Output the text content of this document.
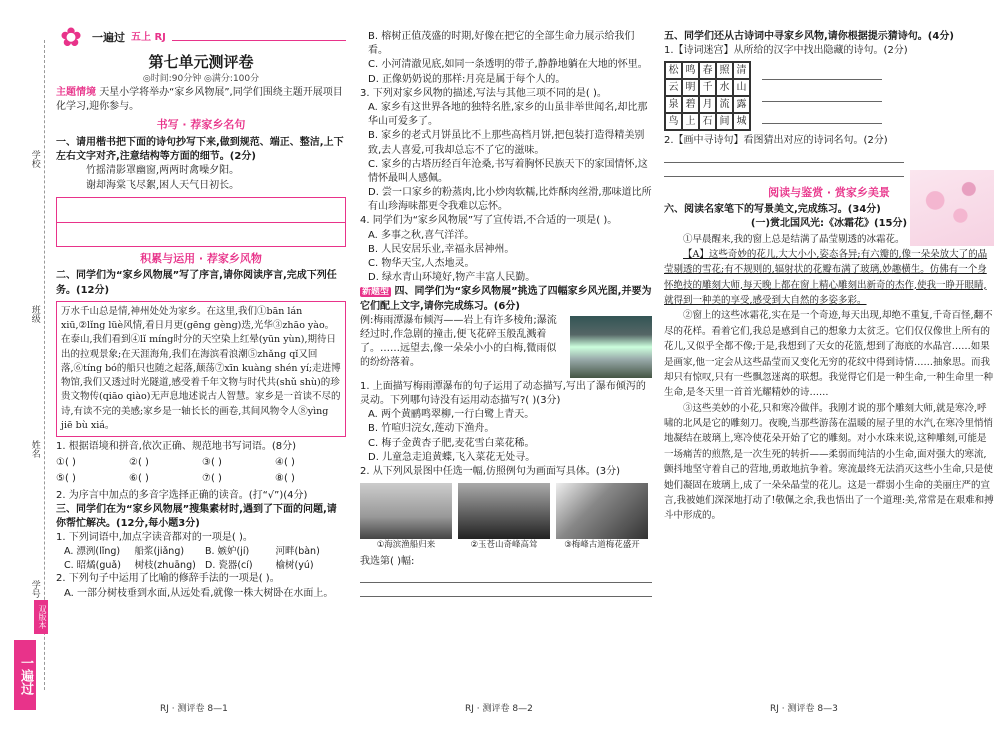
学校
班级
姓名
学号
双版本
一遍过
✿ 一遍过 五上 RJ
第七单元测评卷
◎时间:90分钟 ◎满分:100分
主题情境 天星小学将举办“家乡风物展”,同学们围绕主题开展项目化学习,迎你参与。
书写 · 荐家乡名句
一、请用楷书把下面的诗句抄写下来,做到规范、端正、整洁,上下左右文字对齐,注意结构等方面的细节。(2分)
竹摇清影罩幽窗,两两时禽噪夕阳。
谢却海棠飞尽絮,困人天气日初长。
积累与运用 · 荐家乡风物
二、同学们为“家乡风物展”写了序言,请你阅读序言,完成下列任务。(12分)
万水千山总是情,神州处处为家乡。在这里,我们①bān lán xiū,②lǐng lüè风情,看日月更(gēng gèng)迭,光华③zhāo yào。在泰山,我们看到④lǐ míng时分的天空染上红晕(yūn yùn),期待日出的拉观景象;在天涯海角,我们在海滨看浪潮⑤zhǎng qǐ又回落,⑥tíng bó的船只也随之起落,颠荡⑦xīn kuàng shén yí;走进博物馆,我们又透过时光隧道,感受着千年文物与时代共(shǔ shù)的珍贵文物传(qiāo qiào)无声息地述说古人智慧。家乡是一首读不尽的诗,有读不完的美感;家乡是一轴长长的画卷,其间风物令人⑧yìng jiē bù xiá。
1. 根据语境和拼音,依次正确、规范地书写词语。(8分)
①( )	②( )	③( )	④( )
⑤( )	⑥( )	⑦( )	⑧( )
2. 为序言中加点的多音字选择正确的读音。(打“√”)(4分)
三、同学们在为“家乡风物展”搜集素材时,遇到了下面的问题,请你帮忙解决。(12分,每小题3分)
1. 下列词语中,加点字读音都对的一项是( )。
A. 漂洌(lǐng)	船浆(jiǎng)	B. 嫉妒(jí)	河畔(bàn)
C. 昭燏(guǎ)	树枝(zhuāng) D. 瓷器(cí)	榆树(yú)
2. 下列句子中运用了比喻的修辞手法的一项是( )。
A. 一部分树枝垂到水面,从远处看,就像一株大树卧在水面上。
B. 榕树正值茂盛的时期,好像在把它的全部生命力展示给我们看。
C. 小河清澈见底,如同一条透明的带子,静静地躺在大地的怀里。
D. 正像奶奶说的那样:月亮是属于每个人的。
3. 下列对家乡风物的描述,写法与其他三项不同的是( )。
A. 家乡有这世界各地的独特名胜,家乡的山虽非举世闻名,却比那华山可爱多了。
B. 家乡的老式月饼虽比不上那些高档月饼,把包装打造得精美别致,去人喜爱,可我却总忘不了它的滋味。
C. 家乡的古塔历经百年沧桑,书写着胸怀民族天下的家国情怀,这情怀最叫人感佩。
D. 尝一口家乡的粉蒸肉,比小炒肉软糯,比炸酥肉丝滑,那味道比所有山珍海味都更令我难以忘怀。
4. 同学们为“家乡风物展”写了宣传语,不合适的一项是( )。
A. 多事之秋,喜气洋洋。
B. 人民安居乐业,幸福永居神州。
C. 物华天宝,人杰地灵。
D. 绿水青山环境好,物产丰富人民勤。
新题型 四、同学们为“家乡风物展”挑选了四幅家乡风光图,并要为它们配上文字,请你完成练习。(6分)
例:梅雨潭瀑布倾泻——岩上有许多棱角;瀑流经过时,作急剧的撞击,便飞花碎玉般乱溅着了。……远望去,像一朵朵小小的白梅,微雨似的纷纷落着。
1. 上面描写梅雨潭瀑布的句子运用了动态描写,写出了瀑布倾泻的灵动。下列哪句诗没有运用动态描写?( )(3分)
A. 两个黄鹂鸣翠柳,一行白鹭上青天。
B. 竹喧归浣女,莲动下渔舟。
C. 梅子金黄杏子肥,麦花雪白菜花稀。
D. 儿童急走追黄蝶,飞入菜花无处寻。
2. 从下列风景图中任选一幅,仿照例句为画面写具体。(3分)
①海滨渔船归来	②玉苍山奇峰高耸	③梅峰古道梅花盛开
我选第( )幅:
五、同学们还从古诗词中寻家乡风物,请你根据提示猜诗句。(4分)
1.【诗词迷宫】从所给的汉字中找出隐藏的诗句。(2分)
松 鸣 春 照 清
云 明 千 水 山
泉 碧 月 流 露
鸟 上 石 间 城

2.【画中寻诗句】看图猜出对应的诗词名句。(2分)
阅读与鉴赏 · 赏家乡美景
六、阅读名家笔下的写景美文,完成练习。(34分)
(一)赏北国风光:《冰霜花》(15分)
①早晨醒来,我的窗上总是结满了晶莹剔透的冰霜花。
【A】这些奇妙的花儿,大大小小,姿态各异;有六瓣的,像一朵朵放大了的晶莹剔透的雪花;有不规则的,辐射状的花瓣布满了玻璃,妙趣横生。仿佛有一个身怀绝技的雕刻大师,每天晚上都在窗上精心雕刻出新奇的杰作,使我一睁开眼睛,就得到一种美的享受,感受到大自然的多姿多彩。
②窗上的这些冰霜花,实在是一个奇迹,每天出现,却绝不重复,千奇百怪,翻不尽的花样。看着它们,我总是感到自己的想象力太贫乏。它们仅仅像世上所有的花儿,又似乎全都不像;于是,我想到了天女的花篮,想到了海底的水晶宫……如果是画家,他一定会从这些晶莹而又变化无穷的花纹中得到诗情……抽象思。而我却只有惊叹,只有一些飘忽迷离的联想。我觉得它们是一种生命,一种生命里一种生命,是冬天里一首首光耀精妙的诗……
③这些美妙的小花,只和寒冷做伴。我刚才说的那个雕刻大师,就是寒冷,呼啸的北风是它的雕刻刀。夜晚,当那些游荡在温暖的屋子里的水汽,在寒冷里悄悄地凝结在玻璃上,寒冷使花朵开始了它的雕刻。对小水珠来说,这种雕刻,可能是一场痛苦的煎熬,是一次生死的转折——柔弱而纯洁的小生命,面对强大的寒流,颤抖地坚守着自己的营地,勇敢地抗争着。寒流最终无法消灭这些小生命,只是使她们凝固在玻璃上,成了一朵朵晶莹的花儿。这是一群弱小生命的美丽庄严的宣言,我被她们深深地打动了!敬佩之余,我也悟出了一个道理:美,常常是在艰难和搏斗中形成的。
RJ · 测评卷 8—1	RJ · 测评卷 8—2	RJ · 测评卷 8—3
